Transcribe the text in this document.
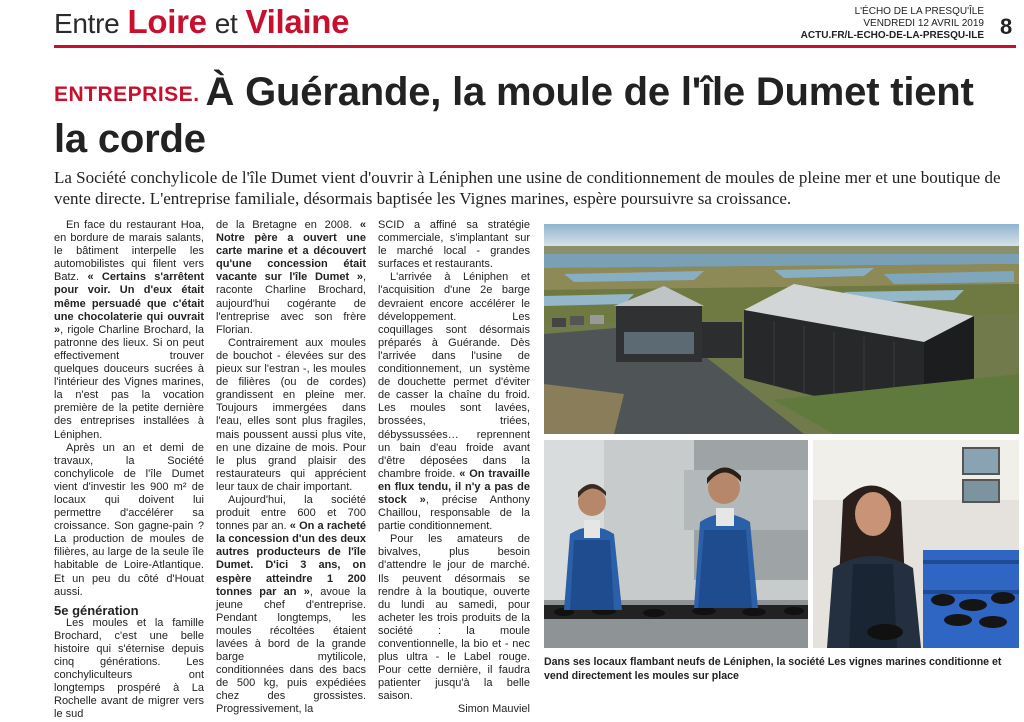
Entre Loire et Vilaine	L'ÉCHO DE LA PRESQU'ÎLE
VENDREDI 12 AVRIL 2019
ACTU.FR/L-ECHO-DE-LA-PRESQU-ILE 8
ENTREPRISE. À Guérande, la moule de l'île Dumet tient la corde
La Société conchylicole de l'île Dumet vient d'ouvrir à Léniphen une usine de conditionnement de moules de pleine mer et une boutique de vente directe. L'entreprise familiale, désormais baptisée les Vignes marines, espère poursuivre sa croissance.

En face du restaurant Hoa, en bordure de marais salants, le bâtiment interpelle les automobilistes qui filent vers Batz. « Certains s'arrêtent pour voir. Un d'eux était même persuadé que c'était une chocolaterie qui ouvrait », rigole Charline Brochard, la patronne des lieux. Si on peut effectivement trouver quelques douceurs sucrées à l'intérieur des Vignes marines, la n'est pas la vocation première de la petite dernière des entreprises installées à Léniphen.

Après un an et demi de travaux, la Société conchylicole de l'île Dumet vient d'investir les 900 m² de locaux qui doivent lui permettre d'accélérer sa croissance. Son gagne-pain ? La production de moules de filières, au large de la seule île habitable de Loire-Atlantique. Et un peu du côté d'Houat aussi.

5e génération

Les moules et la famille Brochard, c'est une belle histoire qui s'éternise depuis cinq générations. Les conchyliculteurs ont longtemps prospéré à La Rochelle avant de migrer vers le sud

de la Bretagne en 2008. « Notre père a ouvert une carte marine et a découvert qu'une concession était vacante sur l'île Dumet », raconte Charline Brochard, aujourd'hui cogérante de l'entreprise avec son frère Florian.

Contrairement aux moules de bouchot - élevées sur des pieux sur l'estran -, les moules de filières (ou de cordes) grandissent en pleine mer. Toujours immergées dans l'eau, elles sont plus fragiles, mais poussent aussi plus vite, en une dizaine de mois. Pour le plus grand plaisir des restaurateurs qui apprécient leur taux de chair important.

Aujourd'hui, la société produit entre 600 et 700 tonnes par an. « On a racheté la concession d'un des deux autres producteurs de l'île Dumet. D'ici 3 ans, on espère atteindre 1 200 tonnes par an », avoue la jeune chef d'entreprise. Pendant longtemps, les moules récoltées étaient lavées à bord de la grande barge mytilicole, conditionnées dans des bacs de 500 kg, puis expédiées chez des grossistes. Progressivement, la

SCID a affiné sa stratégie commerciale, s'implantant sur le marché local - grandes surfaces et restaurants.

L'arrivée à Léniphen et l'acquisition d'une 2e barge devraient encore accélérer le développement. Les coquillages sont désormais préparés à Guérande. Dès l'arrivée dans l'usine de conditionnement, un système de douchette permet d'éviter de casser la chaîne du froid. Les moules sont lavées, brossées, triées, débyssussées… reprennent un bain d'eau froide avant d'être déposées dans la chambre froide. « On travaille en flux tendu, il n'y a pas de stock », précise Anthony Chaillou, responsable de la partie conditionnement.

Pour les amateurs de bivalves, plus besoin d'attendre le jour de marché. Ils peuvent désormais se rendre à la boutique, ouverte du lundi au samedi, pour acheter les trois produits de la société : la moule conventionnelle, la bio et - nec plus ultra - le Label rouge. Pour cette dernière, il faudra patienter jusqu'à la belle saison.

Simon Mauviel

Dans ses locaux flambant neufs de Léniphen, la société Les vignes marines conditionne et vend directement les moules sur place
